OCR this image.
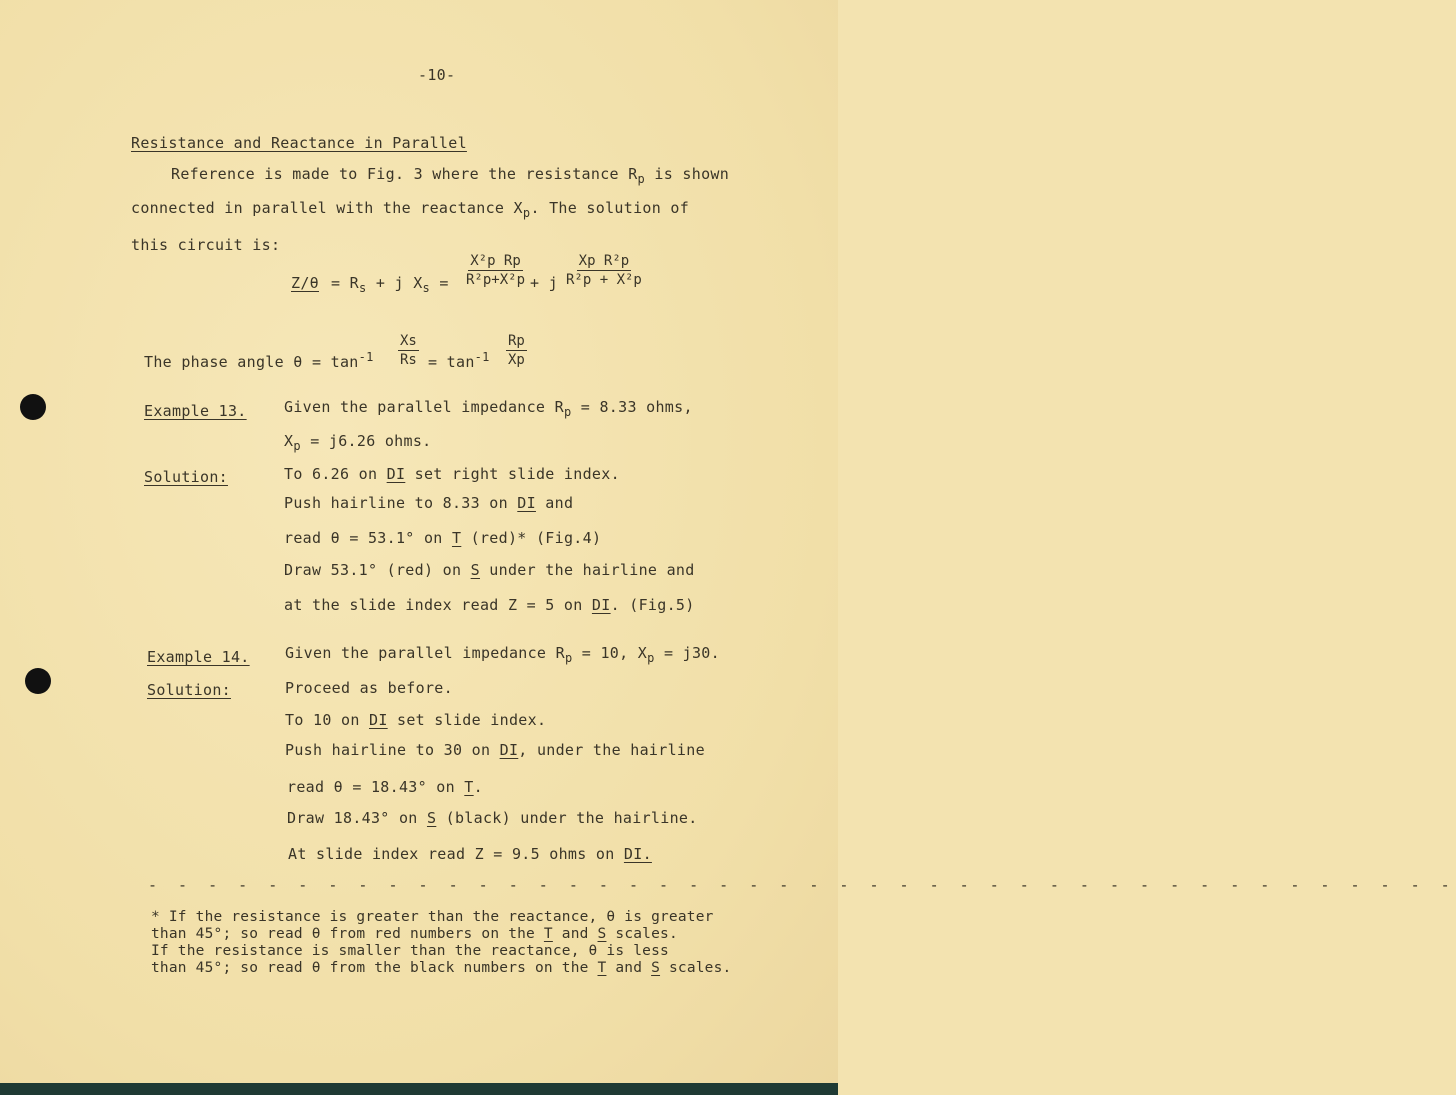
-10-
Resistance and Reactance in Parallel
Reference is made to Fig. 3 where the resistance $R_p$ is shown
connected in parallel with the reactance $X_p$. The solution of
this circuit is:
$Z/\theta = R_s + j$ $X_s = \frac{\text{X²p Rp}}{\text{R²p+X²p}} + j \frac{\text{Xp R²p}}{\text{R²p + X²p}}$
The phase angle $\theta = \tan^{-1} \frac{Xs}{Rs} = \tan^{-1} \frac{Rp}{Xp}$
Example 13. Given the parallel impedance $R_p = 8.33$ ohms,
$X_p = j6.26$ ohms.
Solution:	To 6.26 on DI set right slide index.
Push hairline to 8.33 on DI and
read θ = 53.1° on T (red)* (Fig.4)
Draw 53.1° (red) on S under the hairline and
at the slide index read Z = 5 on DI. (Fig.5)
Example 14. Given the parallel impedance $R_p = 10$, $X_p = j30$.
Solution:	Proceed as before.
To 10 on DI set slide index.
Push hairline to 30 on DI, under the hairline
read θ = 18.43° on T.
Draw 18.43° on S (black) under the hairline.
At slide index read Z = 9.5 ohms on DI.
- - - - - - - - - - - - - - - - - - - - - - - - - - - - - - - - - - - - - - - - - - - -
* If the resistance is greater than the reactance, θ is greater
than 45°; so read θ from red numbers on the T and S scales.
If the resistance is smaller than the reactance, θ is less
than 45°; so read θ from the black numbers on the T and S scales.
